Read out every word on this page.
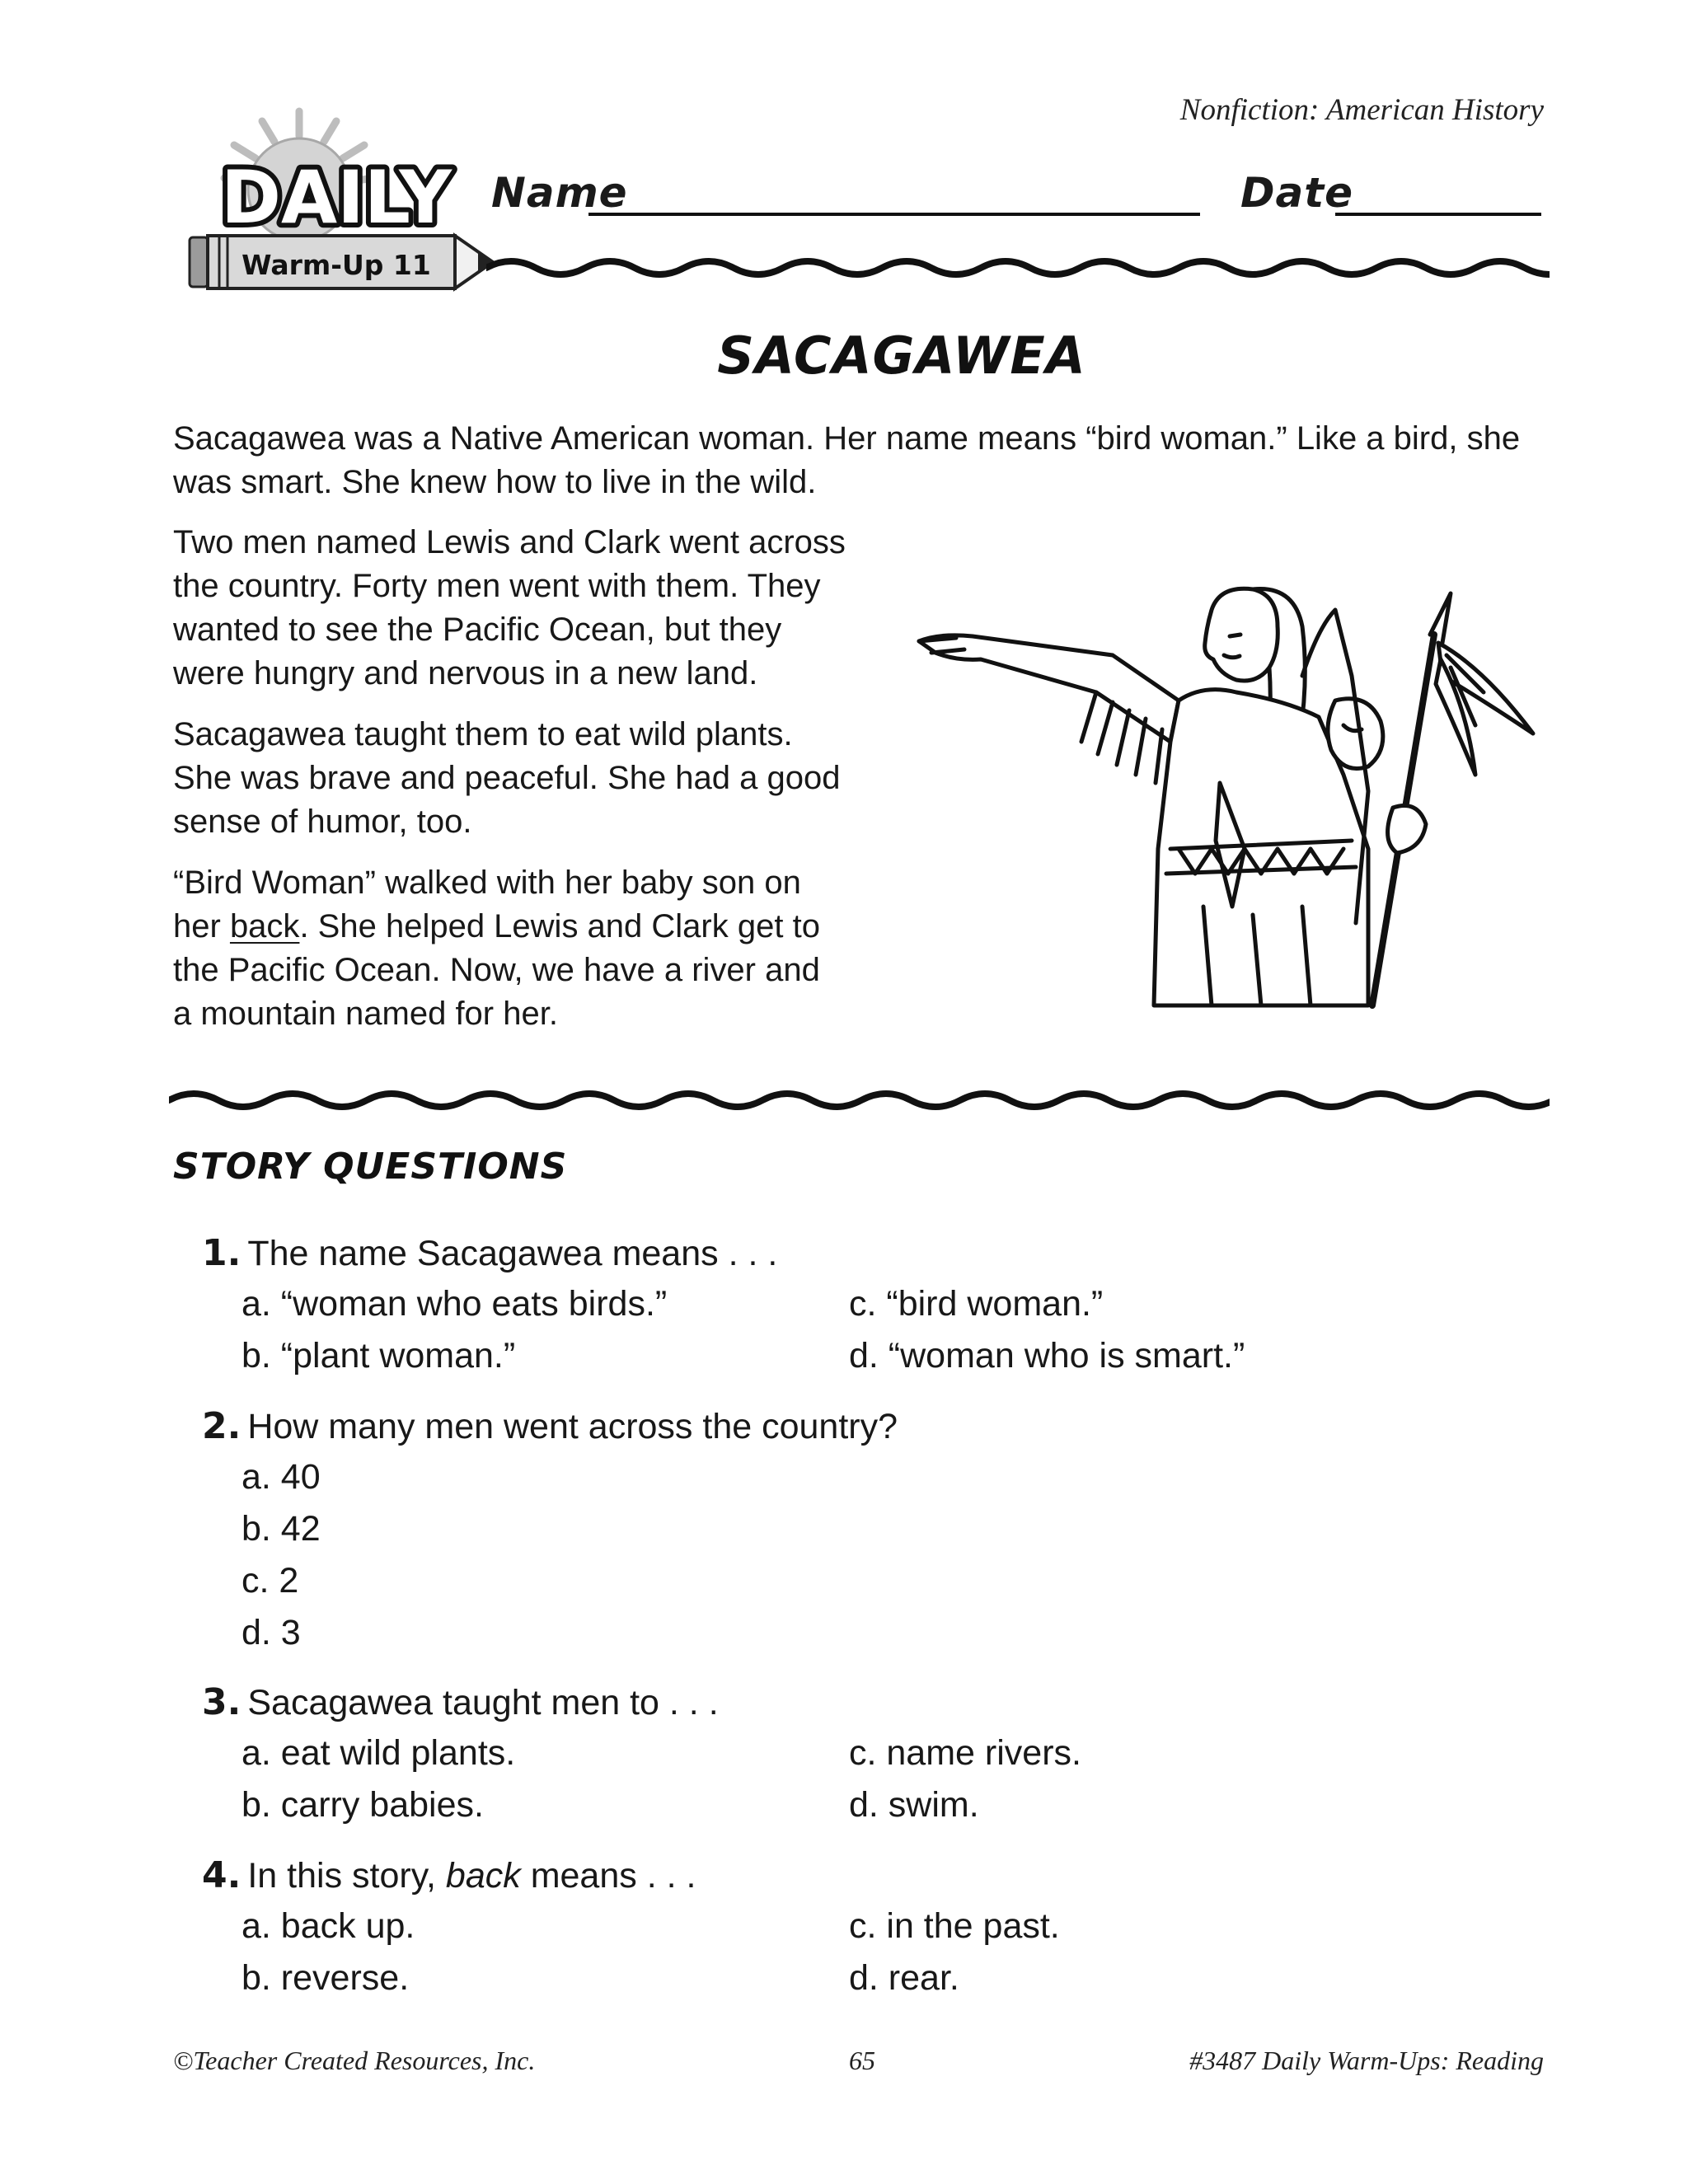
Nonfiction: American History
DAILY
Warm-Up 11
Name	Date
SACAGAWEA

Sacagawea was a Native American woman. Her name means “bird woman.” Like a bird, she was smart. She knew how to live in the wild.

Two men named Lewis and Clark went across

the country. Forty men went with them. They

wanted to see the Pacific Ocean, but they

were hungry and nervous in a new land.

Sacagawea taught them to eat wild plants.

She was brave and peaceful. She had a good

sense of humor, too.

“Bird Woman” walked with her baby son on

her back. She helped Lewis and Clark get to

the Pacific Ocean. Now, we have a river and

a mountain named for her.

STORY QUESTIONS
1. The name Sacagawea means . . .
a. “woman who eats birds.”	c. “bird woman.”
b. “plant woman.”	d. “woman who is smart.”
2. How many men went across the country?
a. 40
b. 42
c. 2
d. 3
3. Sacagawea taught men to . . .
a. eat wild plants.	c. name rivers.
b. carry babies.	d. swim.
4. In this story, back means . . .
a. back up.	c. in the past.
b. reverse.	d. rear.
©Teacher Created Resources, Inc.	65	#3487 Daily Warm-Ups: Reading
